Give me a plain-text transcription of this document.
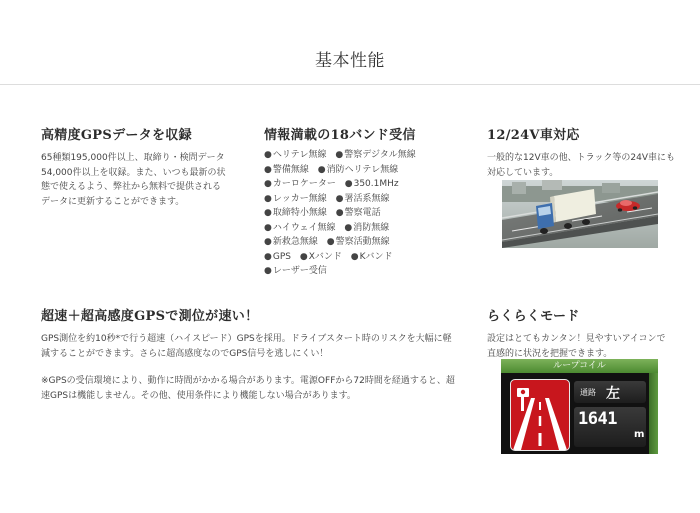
基本性能
高精度GPSデータを収録

65種類195,000件以上、取締り・検問データ
54,000件以上を収録。また、いつも最新の状
態で使えるよう、弊社から無料で提供される
データに更新することができます。

情報満載の18バンド受信
● ヘリテレ無線 ● 警察デジタル無線
● 警備無線 ● 消防ヘリテレ無線
● カーロケーター ● 350.1MHz
● レッカー無線 ● 署活系無線
● 取締特小無線 ● 警察電話
● ハイウェイ無線 ● 消防無線
● 新救急無線 ● 警察活動無線
● GPS ● Xバンド ● Kバンド
● レーザー受信
12/24V車対応

一般的な12V車の他、トラック等の24V車にも
対応しています。

超速＋超高感度GPSで測位が速い！

GPS測位を約10秒*で行う超速（ハイスピード）GPSを採用。ドライブスタート時のリスクを大幅に軽
減することができます。さらに超高感度なのでGPS信号を逃しにくい！

※GPSの受信環境により、動作に時間がかかる場合があります。電源OFFから72時間を経過すると、超
速GPSは機能しません。その他、使用条件により機能しない場合があります。

らくらくモード

設定はとてもカンタン！見やすいアイコンで
直感的に状況を把握できます。

ループコイル
通路 左
1641
m
